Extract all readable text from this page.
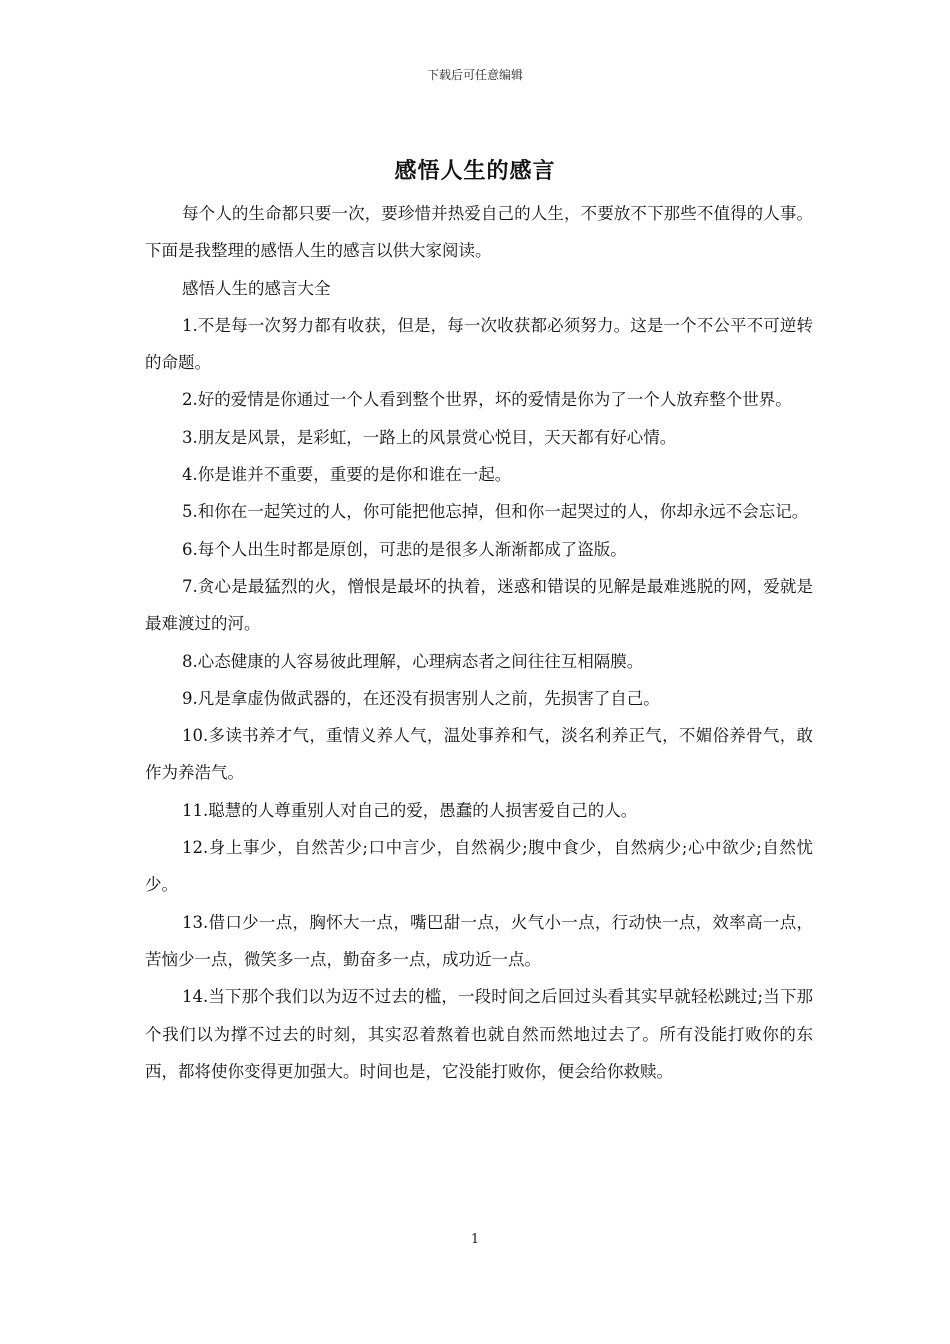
下载后可任意编辑
感悟人生的感言

每个人的生命都只要一次，要珍惜并热爱自己的人生，不要放不下那些不值得的人事。下面是我整理的感悟人生的感言以供大家阅读。

感悟人生的感言大全

1.不是每一次努力都有收获，但是，每一次收获都必须努力。这是一个不公平不可逆转的命题。

2.好的爱情是你通过一个人看到整个世界，坏的爱情是你为了一个人放弃整个世界。

3.朋友是风景，是彩虹，一路上的风景赏心悦目，天天都有好心情。

4.你是谁并不重要，重要的是你和谁在一起。

5.和你在一起笑过的人，你可能把他忘掉，但和你一起哭过的人，你却永远不会忘记。

6.每个人出生时都是原创，可悲的是很多人渐渐都成了盗版。

7.贪心是最猛烈的火，憎恨是最坏的执着，迷惑和错误的见解是最难逃脱的网，爱就是最难渡过的河。

8.心态健康的人容易彼此理解，心理病态者之间往往互相隔膜。

9.凡是拿虚伪做武器的，在还没有损害别人之前，先损害了自己。

10.多读书养才气，重情义养人气，温处事养和气，淡名利养正气，不媚俗养骨气，敢作为养浩气。

11.聪慧的人尊重别人对自己的爱，愚蠢的人损害爱自己的人。

12.身上事少，自然苦少;口中言少，自然祸少;腹中食少，自然病少;心中欲少;自然忧少。

13.借口少一点，胸怀大一点，嘴巴甜一点，火气小一点，行动快一点，效率高一点，苦恼少一点，微笑多一点，勤奋多一点，成功近一点。

14.当下那个我们以为迈不过去的槛，一段时间之后回过头看其实早就轻松跳过;当下那个我们以为撑不过去的时刻，其实忍着熬着也就自然而然地过去了。所有没能打败你的东西，都将使你变得更加强大。时间也是，它没能打败你，便会给你救赎。

1
